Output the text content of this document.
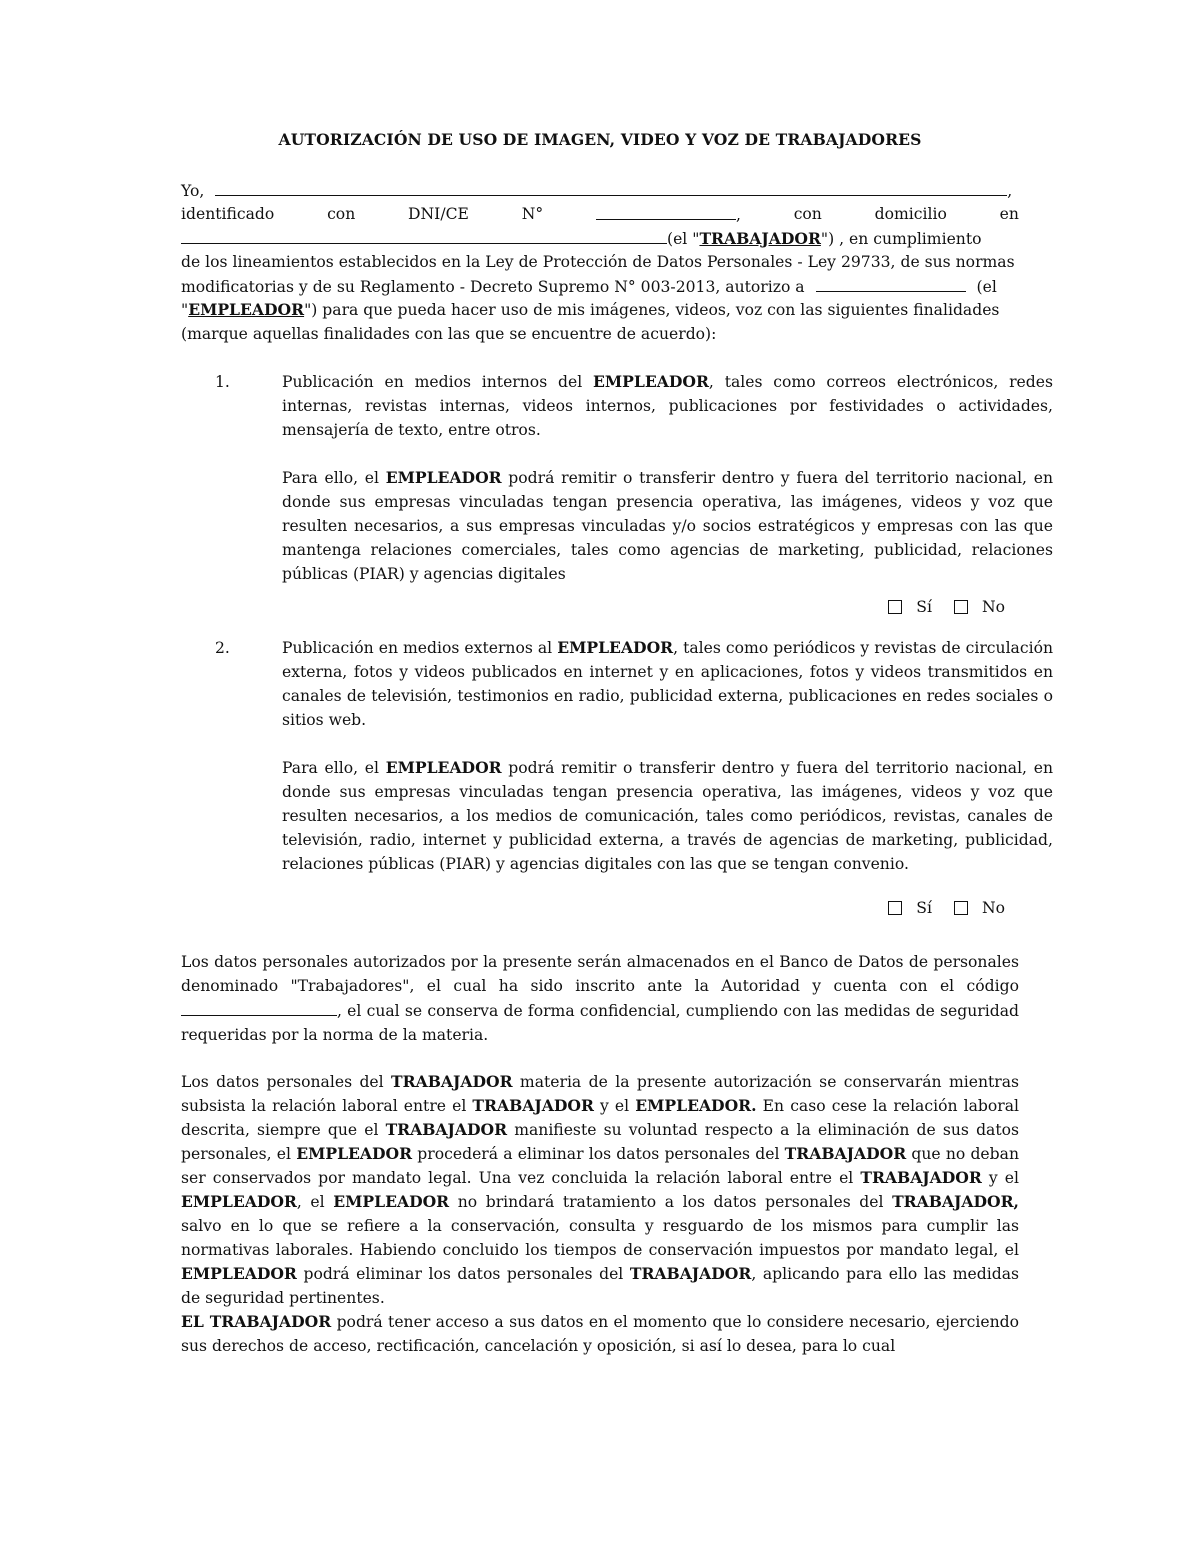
AUTORIZACIÓN DE USO DE IMAGEN, VIDEO Y VOZ DE TRABAJADORES
Yo,	,
identificado	con	DNI/CE	N°	,	con	domicilio	en
(el "TRABAJADOR") , en cumplimiento
de los lineamientos establecidos en la Ley de Protección de Datos Personales - Ley 29733, de sus normas
modificatorias y de su Reglamento - Decreto Supremo N° 003-2013, autorizo a	(el
"EMPLEADOR") para que pueda hacer uso de mis imágenes, videos, voz con las siguientes finalidades
(marque aquellas finalidades con las que se encuentre de acuerdo):
1.	Publicación en medios internos del EMPLEADOR, tales como correos electrónicos, redes internas, revistas internas, videos internos, publicaciones por festividades o actividades, mensajería de texto, entre otros.
Para ello, el EMPLEADOR podrá remitir o transferir dentro y fuera del territorio nacional, en donde sus empresas vinculadas tengan presencia operativa, las imágenes, videos y voz que resulten necesarios, a sus empresas vinculadas y/o socios estratégicos y empresas con las que mantenga relaciones comerciales, tales como agencias de marketing, publicidad, relaciones públicas (PIAR) y agencias digitales
Sí	No
2.	Publicación en medios externos al EMPLEADOR, tales como periódicos y revistas de circulación externa, fotos y videos publicados en internet y en aplicaciones, fotos y videos transmitidos en canales de televisión, testimonios en radio, publicidad externa, publicaciones en redes sociales o sitios web.
Para ello, el EMPLEADOR podrá remitir o transferir dentro y fuera del territorio nacional, en donde sus empresas vinculadas tengan presencia operativa, las imágenes, videos y voz que resulten necesarios, a los medios de comunicación, tales como periódicos, revistas, canales de televisión, radio, internet y publicidad externa, a través de agencias de marketing, publicidad, relaciones públicas (PIAR) y agencias digitales con las que se tengan convenio.
Sí	No
Los datos personales autorizados por la presente serán almacenados en el Banco de Datos de personales denominado "Trabajadores", el cual ha sido inscrito ante la Autoridad y cuenta con el código , el cual se conserva de forma confidencial, cumpliendo con las medidas de seguridad requeridas por la norma de la materia.
Los datos personales del TRABAJADOR materia de la presente autorización se conservarán mientras subsista la relación laboral entre el TRABAJADOR y el EMPLEADOR. En caso cese la relación laboral descrita, siempre que el TRABAJADOR manifieste su voluntad respecto a la eliminación de sus datos personales, el EMPLEADOR procederá a eliminar los datos personales del TRABAJADOR que no deban ser conservados por mandato legal. Una vez concluida la relación laboral entre el TRABAJADOR y el EMPLEADOR, el EMPLEADOR no brindará tratamiento a los datos personales del TRABAJADOR, salvo en lo que se refiere a la conservación, consulta y resguardo de los mismos para cumplir las normativas laborales. Habiendo concluido los tiempos de conservación impuestos por mandato legal, el EMPLEADOR podrá eliminar los datos personales del TRABAJADOR, aplicando para ello las medidas de seguridad pertinentes.
EL TRABAJADOR podrá tener acceso a sus datos en el momento que lo considere necesario, ejerciendo sus derechos de acceso, rectificación, cancelación y oposición, si así lo desea, para lo cual
